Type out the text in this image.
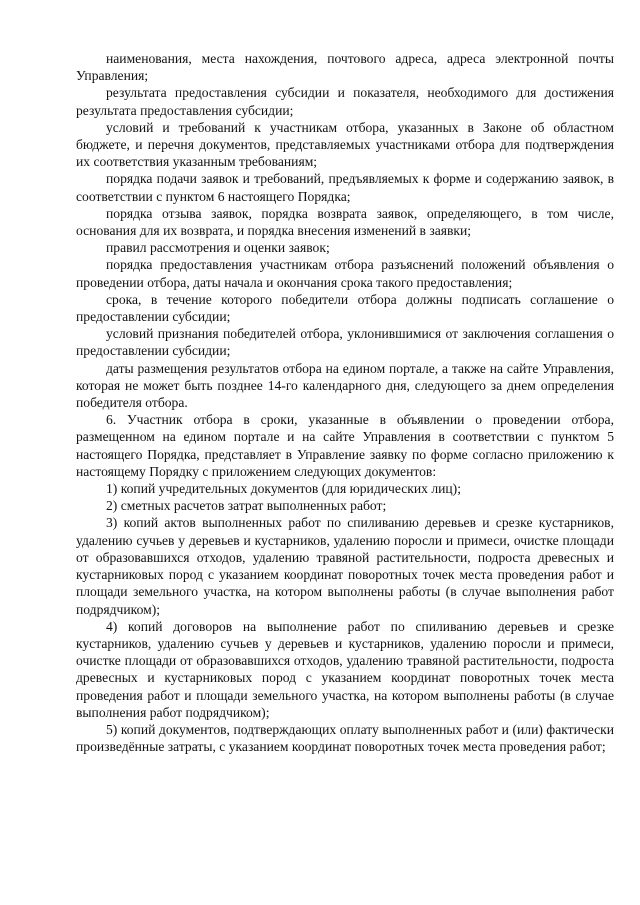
наименования, места нахождения, почтового адреса, адреса электронной почты Управления;

результата предоставления субсидии и показателя, необходимого для достижения результата предоставления субсидии;

условий и требований к участникам отбора, указанных в Законе об областном бюджете, и перечня документов, представляемых участниками отбора для подтверждения их соответствия указанным требованиям;

порядка подачи заявок и требований, предъявляемых к форме и содержанию заявок, в соответствии с пунктом 6 настоящего Порядка;

порядка отзыва заявок, порядка возврата заявок, определяющего, в том числе, основания для их возврата, и порядка внесения изменений в заявки;

правил рассмотрения и оценки заявок;

порядка предоставления участникам отбора разъяснений положений объявления о проведении отбора, даты начала и окончания срока такого предоставления;

срока, в течение которого победители отбора должны подписать соглашение о предоставлении субсидии;

условий признания победителей отбора, уклонившимися от заключения соглашения о предоставлении субсидии;

даты размещения результатов отбора на едином портале, а также на сайте Управления, которая не может быть позднее 14-го календарного дня, следующего за днем определения победителя отбора.

6. Участник отбора в сроки, указанные в объявлении о проведении отбора, размещенном на едином портале и на сайте Управления в соответствии с пунктом 5 настоящего Порядка, представляет в Управление заявку по форме согласно приложению к настоящему Порядку с приложением следующих документов:

1) копий учредительных документов (для юридических лиц);

2) сметных расчетов затрат выполненных работ;

3) копий актов выполненных работ по спиливанию деревьев и срезке кустарников, удалению сучьев у деревьев и кустарников, удалению поросли и примеси, очистке площади от образовавшихся отходов, удалению травяной растительности, подроста древесных и кустарниковых пород с указанием координат поворотных точек места проведения работ и площади земельного участка, на котором выполнены работы (в случае выполнения работ подрядчиком);

4) копий договоров на выполнение работ по спиливанию деревьев и срезке кустарников, удалению сучьев у деревьев и кустарников, удалению поросли и примеси, очистке площади от образовавшихся отходов, удалению травяной растительности, подроста древесных и кустарниковых пород с указанием координат поворотных точек места проведения работ и площади земельного участка, на котором выполнены работы (в случае выполнения работ подрядчиком);

5) копий документов, подтверждающих оплату выполненных работ и (или) фактически произведённые затраты, с указанием координат поворотных точек места проведения работ;
